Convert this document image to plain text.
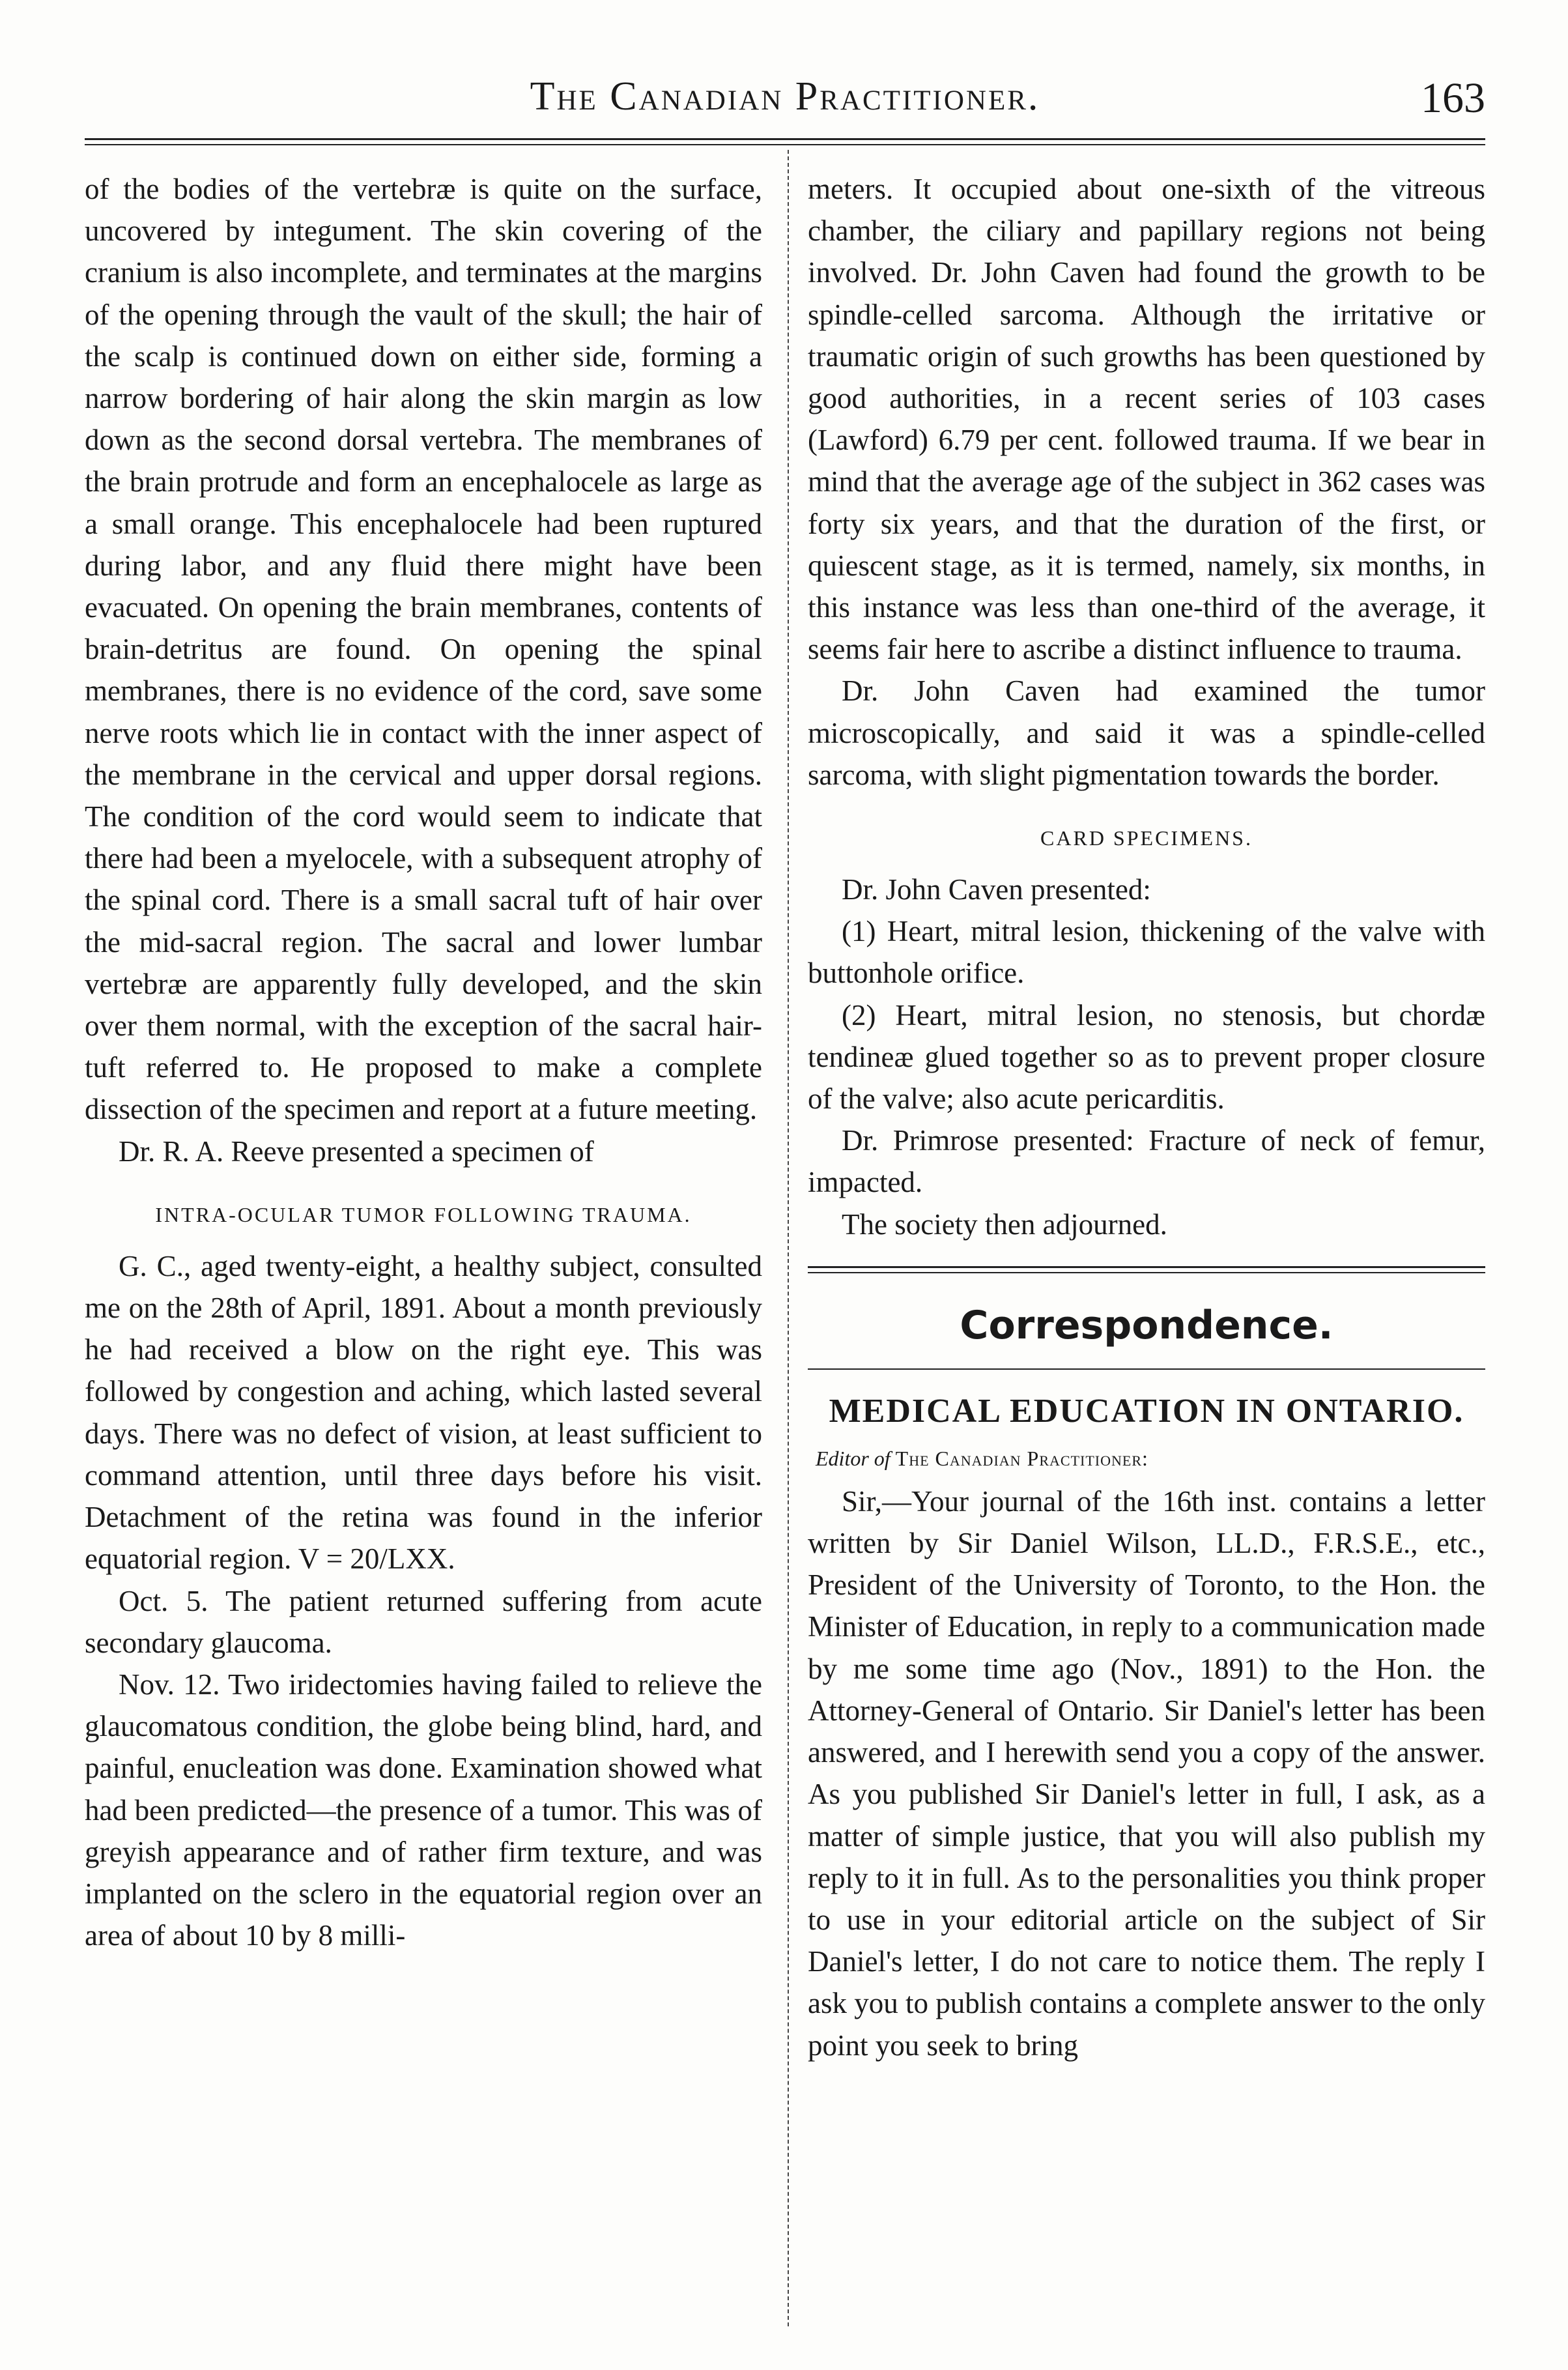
The Canadian Practitioner.	163

of the bodies of the vertebræ is quite on the surface, uncovered by integument. The skin covering of the cranium is also incomplete, and terminates at the margins of the opening through the vault of the skull; the hair of the scalp is continued down on either side, forming a narrow bordering of hair along the skin margin as low down as the second dorsal vertebra. The membranes of the brain protrude and form an encephalocele as large as a small orange. This encephalocele had been ruptured during labor, and any fluid there might have been evacuated. On opening the brain membranes, contents of brain-detritus are found. On opening the spinal membranes, there is no evidence of the cord, save some nerve roots which lie in contact with the inner aspect of the membrane in the cervical and upper dorsal regions. The condition of the cord would seem to indicate that there had been a myelocele, with a subsequent atrophy of the spinal cord. There is a small sacral tuft of hair over the mid-sacral region. The sacral and lower lumbar vertebræ are apparently fully developed, and the skin over them normal, with the exception of the sacral hair-tuft referred to. He proposed to make a complete dissection of the specimen and report at a future meeting.

Dr. R. A. Reeve presented a specimen of

INTRA-OCULAR TUMOR FOLLOWING TRAUMA.

G. C., aged twenty-eight, a healthy subject, consulted me on the 28th of April, 1891. About a month previously he had received a blow on the right eye. This was followed by congestion and aching, which lasted several days. There was no defect of vision, at least sufficient to command attention, until three days before his visit. Detachment of the retina was found in the inferior equatorial region. V = 20/LXX.

Oct. 5. The patient returned suffering from acute secondary glaucoma.

Nov. 12. Two iridectomies having failed to relieve the glaucomatous condition, the globe being blind, hard, and painful, enucleation was done. Examination showed what had been predicted—the presence of a tumor. This was of greyish appearance and of rather firm texture, and was implanted on the sclero in the equatorial region over an area of about 10 by 8 milli-

meters. It occupied about one-sixth of the vitreous chamber, the ciliary and papillary regions not being involved. Dr. John Caven had found the growth to be spindle-celled sarcoma. Although the irritative or traumatic origin of such growths has been questioned by good authorities, in a recent series of 103 cases (Lawford) 6.79 per cent. followed trauma. If we bear in mind that the average age of the subject in 362 cases was forty six years, and that the duration of the first, or quiescent stage, as it is termed, namely, six months, in this instance was less than one-third of the average, it seems fair here to ascribe a distinct influence to trauma.

Dr. John Caven had examined the tumor microscopically, and said it was a spindle-celled sarcoma, with slight pigmentation towards the border.

CARD SPECIMENS.

Dr. John Caven presented:

(1) Heart, mitral lesion, thickening of the valve with buttonhole orifice.

(2) Heart, mitral lesion, no stenosis, but chordæ tendineæ glued together so as to prevent proper closure of the valve; also acute pericarditis.

Dr. Primrose presented: Fracture of neck of femur, impacted.

The society then adjourned.

Correspondence.
MEDICAL EDUCATION IN ONTARIO.

Editor of The Canadian Practitioner:

Sir,—Your journal of the 16th inst. contains a letter written by Sir Daniel Wilson, LL.D., F.R.S.E., etc., President of the University of Toronto, to the Hon. the Minister of Education, in reply to a communication made by me some time ago (Nov., 1891) to the Hon. the Attorney-General of Ontario. Sir Daniel's letter has been answered, and I herewith send you a copy of the answer. As you published Sir Daniel's letter in full, I ask, as a matter of simple justice, that you will also publish my reply to it in full. As to the personalities you think proper to use in your editorial article on the subject of Sir Daniel's letter, I do not care to notice them. The reply I ask you to publish contains a complete answer to the only point you seek to bring
